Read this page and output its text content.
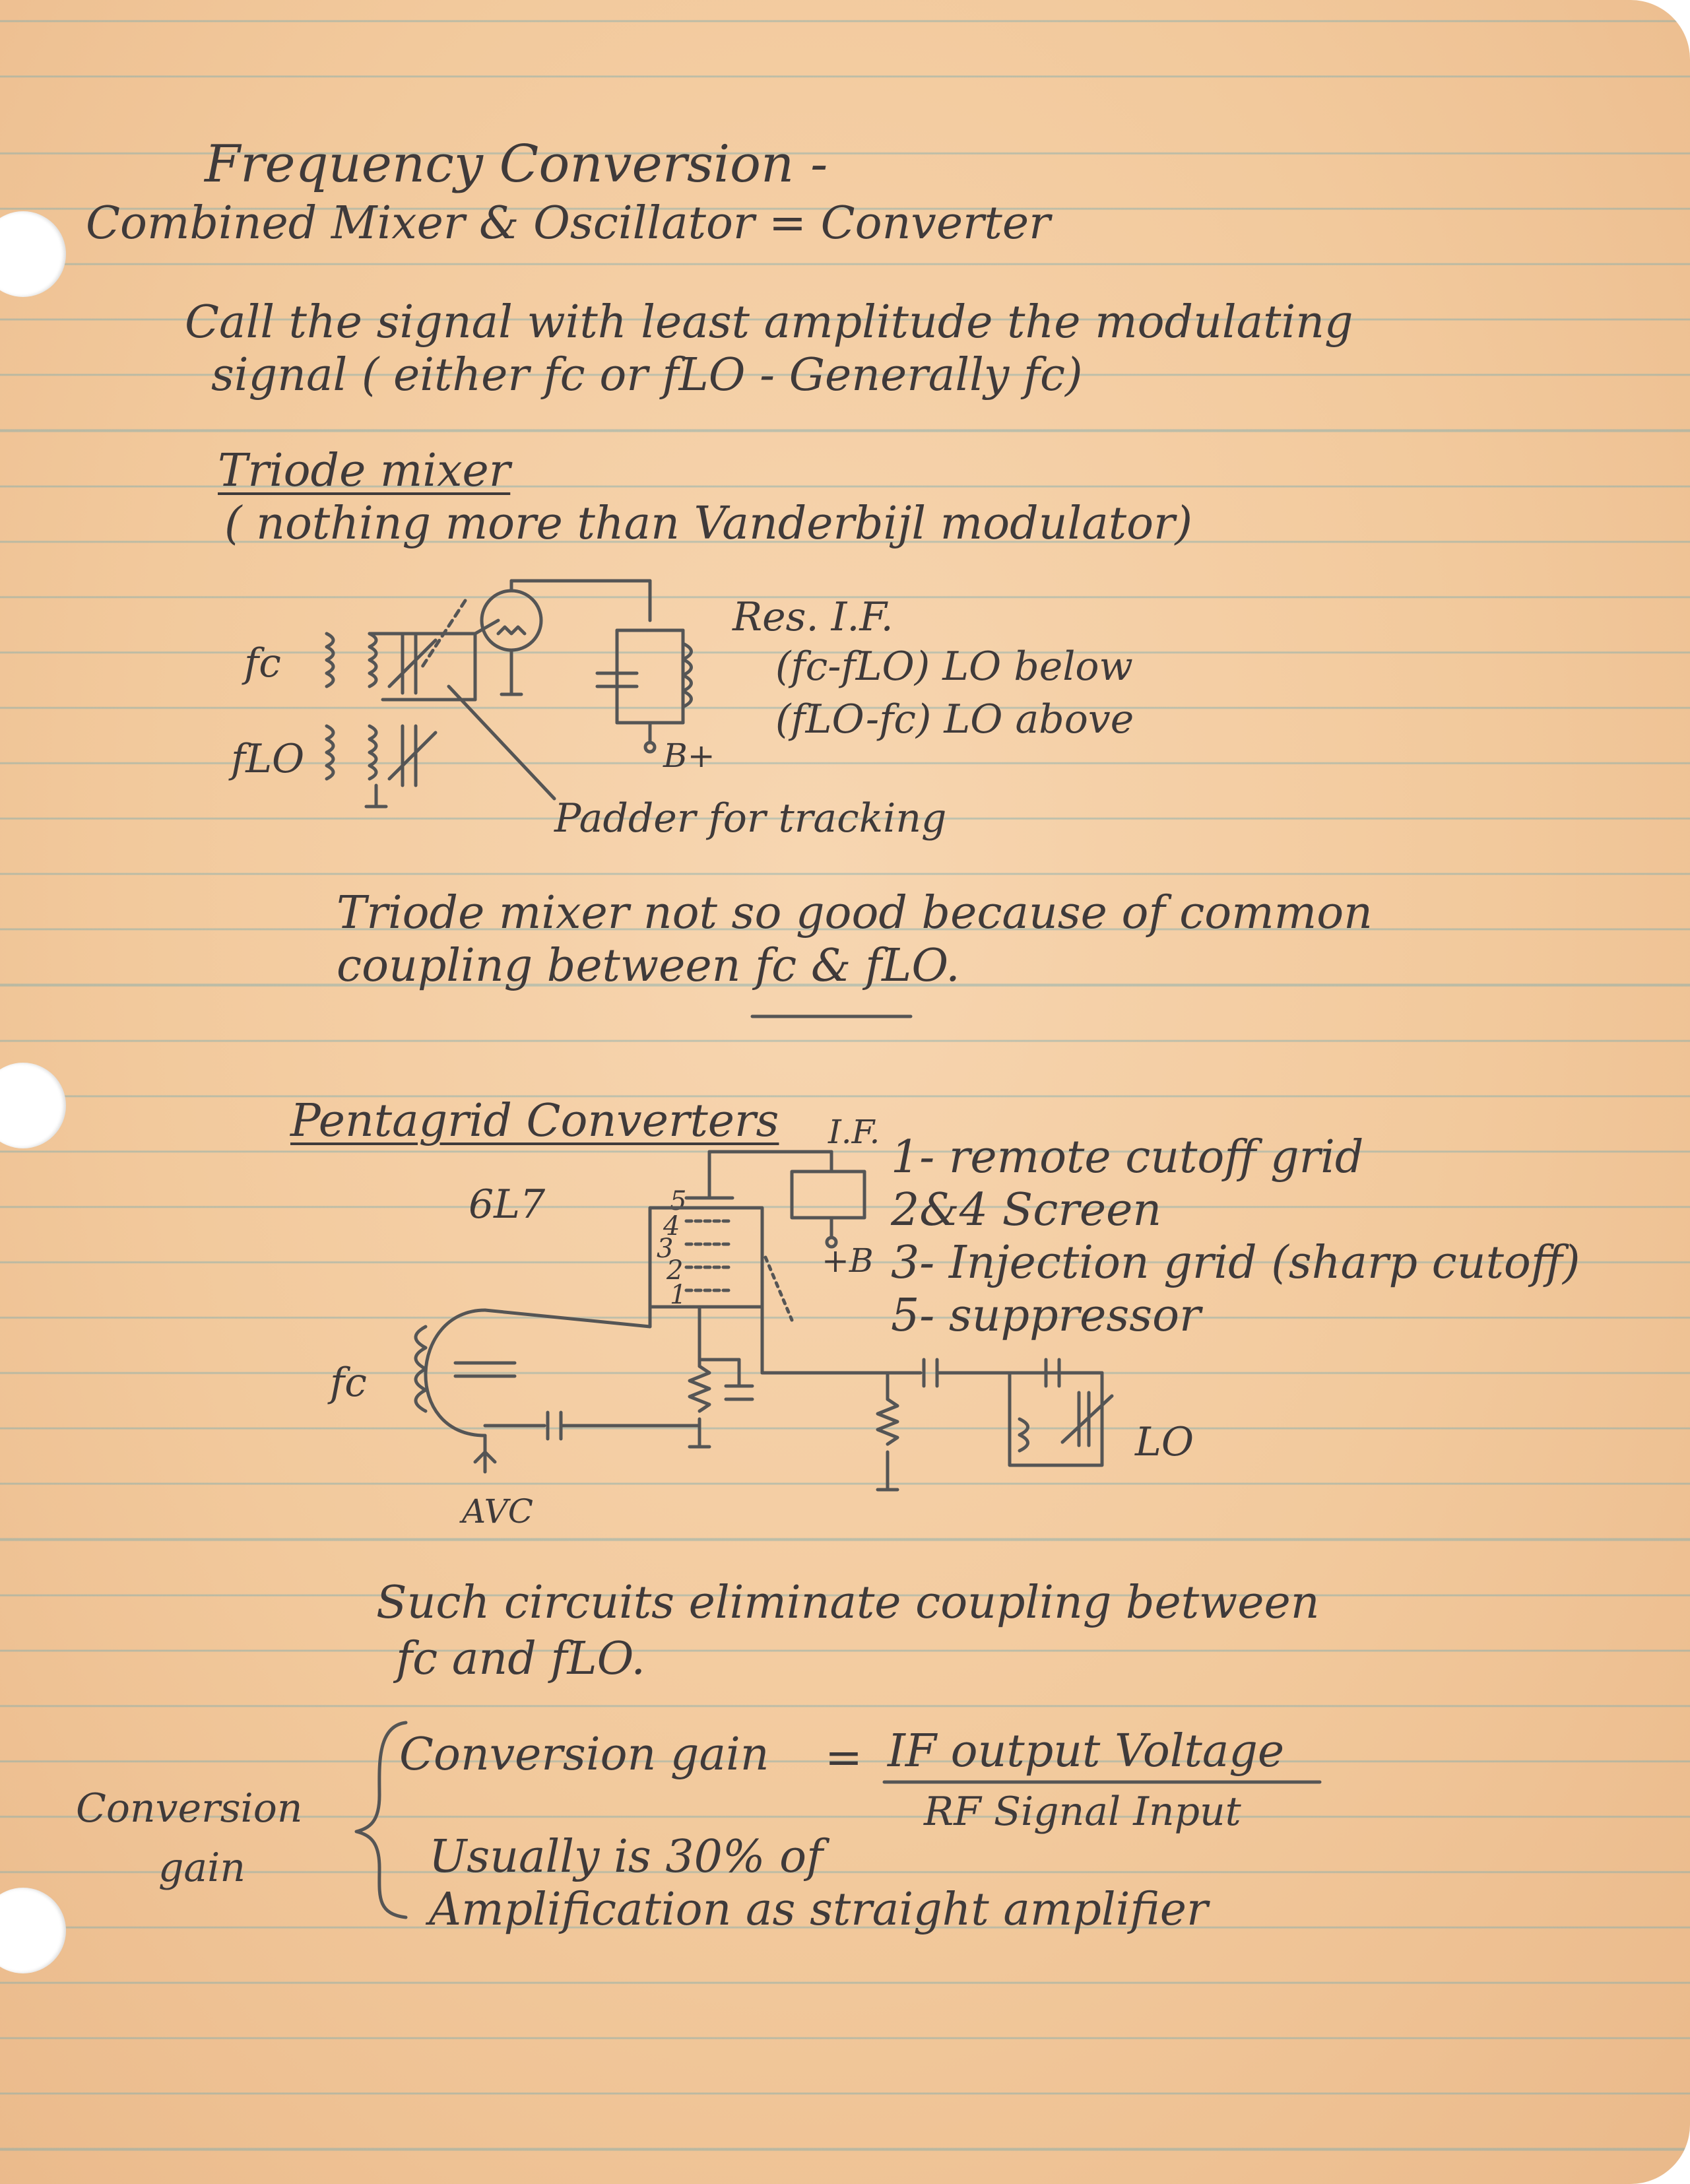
Frequency Conversion -
Combined Mixer & Oscillator = Converter
Call the signal with least amplitude the modulating
signal ( either fc or fLO - Generally fc)
Triode mixer
( nothing more than Vanderbijl modulator)
fc
fLO
Res. I.F.
(fc-fLO) LO below
(fLO-fc) LO above
B+
Padder for tracking
Triode mixer not so good because of common
coupling between fc & fLO.
Pentagrid Converters
6L7
I.F.
+B
5
4
3
2
1
fc
AVC
LO
1- remote cutoff grid
2&4 Screen
3- Injection grid (sharp cutoff)
5- suppressor
Such circuits eliminate coupling between
fc and fLO.
Conversion
gain
Conversion gain = IF output Voltage
RF Signal Input
Usually is 30% of
Amplification as straight amplifier
